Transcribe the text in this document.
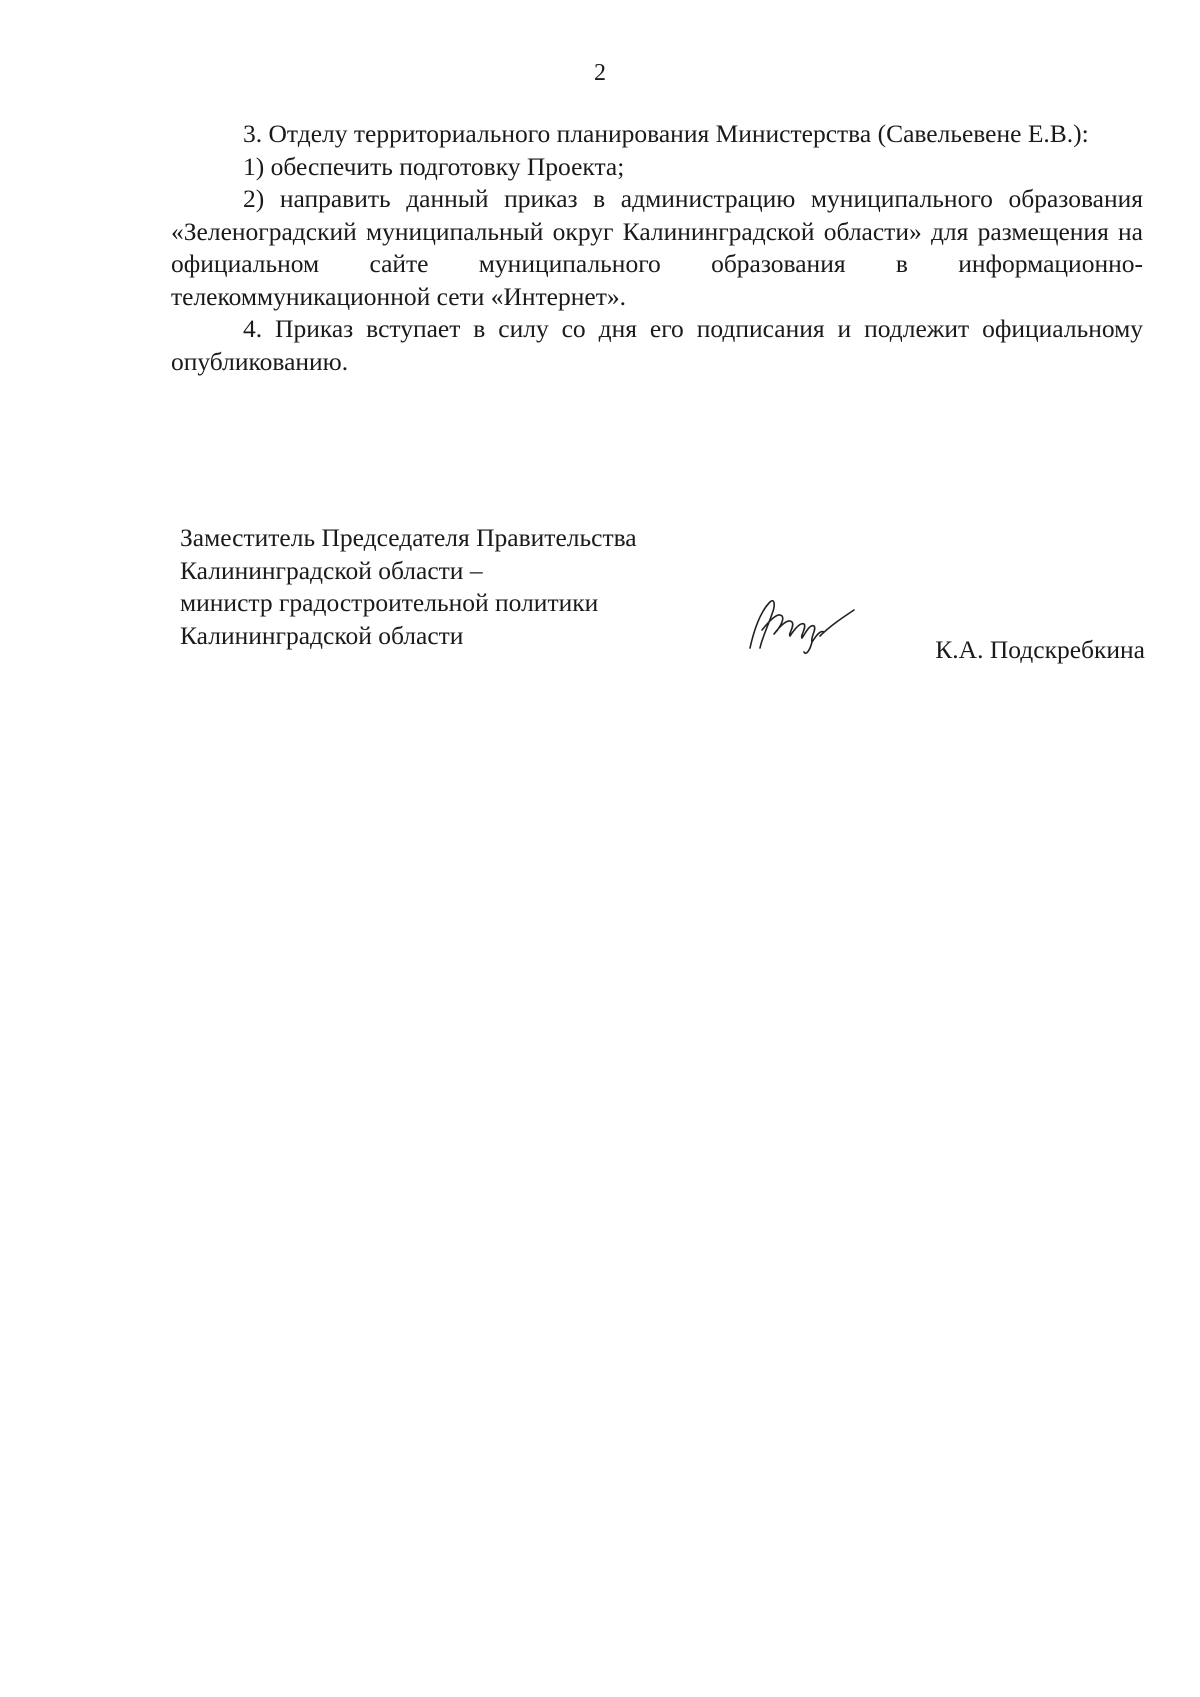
2

3. Отделу территориального планирования Министерства (Савельевене Е.В.):

1) обеспечить подготовку Проекта;

2) направить данный приказ в администрацию муниципального образования «Зеленоградский муниципальный округ Калининградской области» для размещения на официальном сайте муниципального образования в информационно-телекоммуникационной сети «Интернет».

4. Приказ вступает в силу со дня его подписания и подлежит официальному опубликованию.

Заместитель Председателя Правительства
Калининградской области –
министр градостроительной политики
Калининградской области	К.А. Подскребкина
